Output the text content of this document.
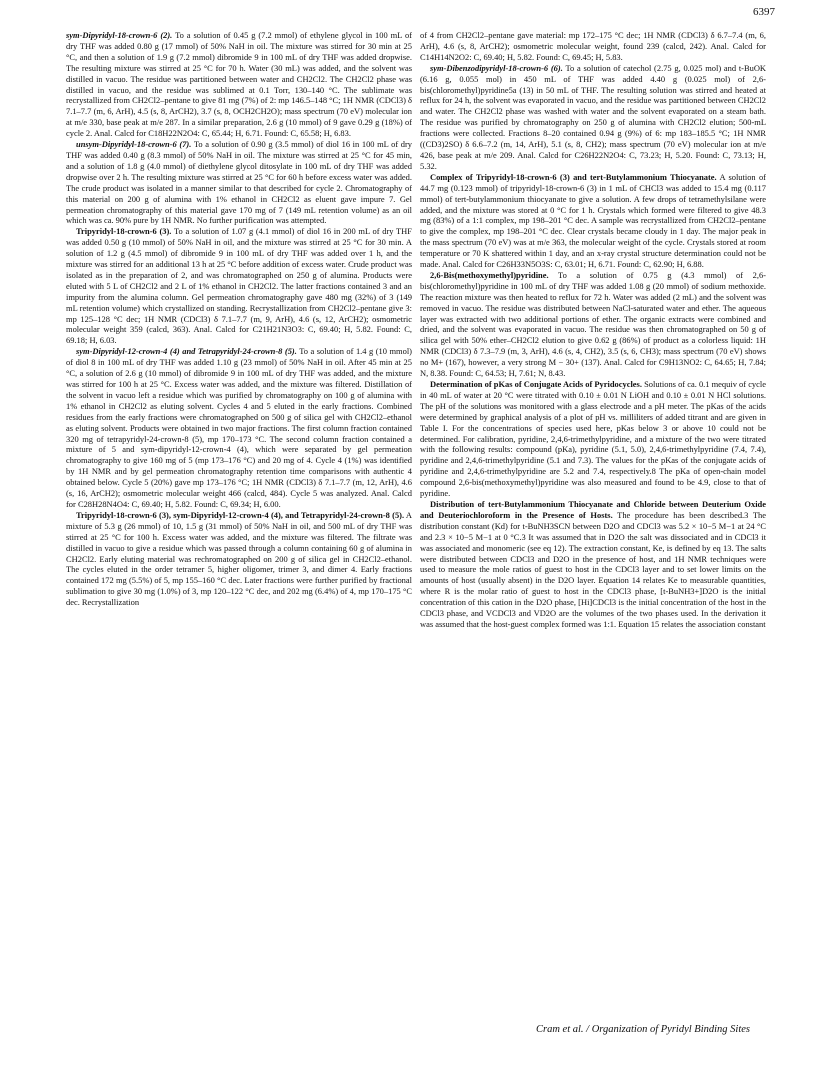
6397

sym-Dipyridyl-18-crown-6 (2). To a solution of 0.45 g (7.2 mmol) of ethylene glycol in 100 mL of dry THF was added 0.80 g (17 mmol) of 50% NaH in oil. The mixture was stirred for 30 min at 25 °C, and then a solution of 1.9 g (7.2 mmol) dibromide 9 in 100 mL of dry THF was added dropwise. The resulting mixture was stirred at 25 °C for 70 h. Water (30 mL) was added, and the solvent was distilled in vacuo. The residue was partitioned between water and CH2Cl2. The CH2Cl2 phase was distilled in vacuo, and the residue was sublimed at 0.1 Torr, 130–140 °C. The sublimate was recrystallized from CH2Cl2–pentane to give 81 mg (7%) of 2: mp 146.5–148 °C; 1H NMR (CDCl3) δ 7.1–7.7 (m, 6, ArH), 4.5 (s, 8, ArCH2), 3.7 (s, 8, OCH2CH2O); mass spectrum (70 eV) molecular ion at m/e 330, base peak at m/e 287. In a similar preparation, 2.6 g (10 mmol) of 9 gave 0.29 g (18%) of cycle 2. Anal. Calcd for C18H22N2O4: C, 65.44; H, 6.71. Found: C, 65.58; H, 6.83.

unsym-Dipyridyl-18-crown-6 (7). To a solution of 0.90 g (3.5 mmol) of diol 16 in 100 mL of dry THF was added 0.40 g (8.3 mmol) of 50% NaH in oil. The mixture was stirred at 25 °C for 45 min, and a solution of 1.8 g (4.0 mmol) of diethylene glycol ditosylate in 100 mL of dry THF was added dropwise over 2 h. The resulting mixture was stirred at 25 °C for 60 h before excess water was added. The crude product was isolated in a manner similar to that described for cycle 2. Chromatography of this material on 200 g of alumina with 1% ethanol in CH2Cl2 as eluent gave impure 7. Gel permeation chromatography of this material gave 170 mg of 7 (149 mL retention volume) as an oil which was ca. 90% pure by 1H NMR. No further purification was attempted.

Tripyridyl-18-crown-6 (3). To a solution of 1.07 g (4.1 mmol) of diol 16 in 200 mL of dry THF was added 0.50 g (10 mmol) of 50% NaH in oil, and the mixture was stirred at 25 °C for 30 min. A solution of 1.2 g (4.5 mmol) of dibromide 9 in 100 mL of dry THF was added over 1 h, and the mixture was stirred for an additional 13 h at 25 °C before addition of excess water. Crude product was isolated as in the preparation of 2, and was chromatographed on 250 g of alumina. Products were eluted with 5 L of CH2Cl2 and 2 L of 1% ethanol in CH2Cl2. The latter fractions contained 3 and an impurity from the alumina column. Gel permeation chromatography gave 480 mg (32%) of 3 (149 mL retention volume) which crystallized on standing. Recrystallization from CH2Cl2–pentane give 3: mp 125–128 °C dec; 1H NMR (CDCl3) δ 7.1–7.7 (m, 9, ArH), 4.6 (s, 12, ArCH2); osmometric molecular weight 359 (calcd, 363). Anal. Calcd for C21H21N3O3: C, 69.40; H, 5.82. Found: C, 69.18; H, 6.03.

sym-Dipyridyl-12-crown-4 (4) and Tetrapyridyl-24-crown-8 (5). To a solution of 1.4 g (10 mmol) of diol 8 in 100 mL of dry THF was added 1.10 g (23 mmol) of 50% NaH in oil. After 45 min at 25 °C, a solution of 2.6 g (10 mmol) of dibromide 9 in 100 mL of dry THF was added, and the mixture was stirred for 100 h at 25 °C. Excess water was added, and the mixture was filtered. Distillation of the solvent in vacuo left a residue which was purified by chromatography on 100 g of alumina with 1% ethanol in CH2Cl2 as eluting solvent. Cycles 4 and 5 eluted in the early fractions. Combined residues from the early fractions were chromatographed on 500 g of silica gel with CH2Cl2–ethanol as eluting solvent. Products were obtained in two major fractions. The first column fraction contained 320 mg of tetrapyridyl-24-crown-8 (5), mp 170–173 °C. The second column fraction contained a mixture of 5 and sym-dipyridyl-12-crown-4 (4), which were separated by gel permeation chromatography to give 160 mg of 5 (mp 173–176 °C) and 20 mg of 4. Cycle 4 (1%) was identified by 1H NMR and by gel permeation chromatography retention time comparisons with authentic 4 obtained below. Cycle 5 (20%) gave mp 173–176 °C; 1H NMR (CDCl3) δ 7.1–7.7 (m, 12, ArH), 4.6 (s, 16, ArCH2); osmometric molecular weight 466 (calcd, 484). Cycle 5 was analyzed. Anal. Calcd for C28H28N4O4: C, 69.40; H, 5.82. Found: C, 69.34; H, 6.00.

Tripyridyl-18-crown-6 (3), sym-Dipyridyl-12-crown-4 (4), and Tetrapyridyl-24-crown-8 (5). A mixture of 5.3 g (26 mmol) of 10, 1.5 g (31 mmol) of 50% NaH in oil, and 500 mL of dry THF was stirred at 25 °C for 100 h. Excess water was added, and the mixture was filtered. The filtrate was distilled in vacuo to give a residue which was passed through a column containing 60 g of alumina in CH2Cl2. Early eluting material was rechromatographed on 200 g of silica gel in CH2Cl2–ethanol. The cycles eluted in the order tetramer 5, higher oligomer, trimer 3, and dimer 4. Early fractions contained 172 mg (5.5%) of 5, mp 155–160 °C dec. Later fractions were further purified by fractional sublimation to give 30 mg (1.0%) of 3, mp 120–122 °C dec, and 202 mg (6.4%) of 4, mp 170–175 °C dec. Recrystallization

of 4 from CH2Cl2–pentane gave material: mp 172–175 °C dec; 1H NMR (CDCl3) δ 6.7–7.4 (m, 6, ArH), 4.6 (s, 8, ArCH2); osmometric molecular weight, found 239 (calcd, 242). Anal. Calcd for C14H14N2O2: C, 69.40; H, 5.82. Found: C, 69.45; H, 5.83.

sym-Dibenzodipyridyl-18-crown-6 (6). To a solution of catechol (2.75 g, 0.025 mol) and t-BuOK (6.16 g, 0.055 mol) in 450 mL of THF was added 4.40 g (0.025 mol) of 2,6-bis(chloromethyl)pyridine5a (13) in 50 mL of THF. The resulting solution was stirred and heated at reflux for 24 h, the solvent was evaporated in vacuo, and the residue was partitioned between CH2Cl2 and water. The CH2Cl2 phase was washed with water and the solvent evaporated on a steam bath. The residue was purified by chromatography on 250 g of alumina with CH2Cl2 elution; 500-mL fractions were collected. Fractions 8–20 contained 0.94 g (9%) of 6: mp 183–185.5 °C; 1H NMR ((CD3)2SO) δ 6.6–7.2 (m, 14, ArH), 5.1 (s, 8, CH2); mass spectrum (70 eV) molecular ion at m/e 426, base peak at m/e 209. Anal. Calcd for C26H22N2O4: C, 73.23; H, 5.20. Found: C, 73.13; H, 5.32.

Complex of Tripyridyl-18-crown-6 (3) and tert-Butylammonium Thiocyanate. A solution of 44.7 mg (0.123 mmol) of tripyridyl-18-crown-6 (3) in 1 mL of CHCl3 was added to 15.4 mg (0.117 mmol) of tert-butylammonium thiocyanate to give a solution. A few drops of tetramethylsilane were added, and the mixture was stored at 0 °C for 1 h. Crystals which formed were filtered to give 48.3 mg (83%) of a 1:1 complex, mp 198–201 °C dec. A sample was recrystallized from CH2Cl2–pentane to give the complex, mp 198–201 °C dec. Clear crystals became cloudy in 1 day. The major peak in the mass spectrum (70 eV) was at m/e 363, the molecular weight of the cycle. Crystals stored at room temperature or 70 K shattered within 1 day, and an x-ray crystal structure determination could not be made. Anal. Calcd for C26H33N5O3S: C, 63.01; H, 6.71. Found: C, 62.90; H, 6.88.

2,6-Bis(methoxymethyl)pyridine. To a solution of 0.75 g (4.3 mmol) of 2,6-bis(chloromethyl)pyridine in 100 mL of dry THF was added 1.08 g (20 mmol) of sodium methoxide. The reaction mixture was then heated to reflux for 72 h. Water was added (2 mL) and the solvent was removed in vacuo. The residue was distributed between NaCl-saturated water and ether. The aqueous layer was extracted with two additional portions of ether. The organic extracts were combined and dried, and the solvent was evaporated in vacuo. The residue was then chromatographed on 50 g of silica gel with 50% ether–CH2Cl2 elution to give 0.62 g (86%) of product as a colorless liquid: 1H NMR (CDCl3) δ 7.3–7.9 (m, 3, ArH), 4.6 (s, 4, CH2), 3.5 (s, 6, CH3); mass spectrum (70 eV) shows no M+ (167), however, a very strong M − 30+ (137). Anal. Calcd for C9H13NO2: C, 64.65; H, 7.84; N, 8.38. Found: C, 64.53; H, 7.61; N, 8.43.

Determination of pKas of Conjugate Acids of Pyridocycles. Solutions of ca. 0.1 mequiv of cycle in 40 mL of water at 20 °C were titrated with 0.10 ± 0.01 N LiOH and 0.10 ± 0.01 N HCl solutions. The pH of the solutions was monitored with a glass electrode and a pH meter. The pKas of the acids were determined by graphical analysis of a plot of pH vs. milliliters of added titrant and are given in Table I. For the concentrations of species used here, pKas below 3 or above 10 could not be determined. For calibration, pyridine, 2,4,6-trimethylpyridine, and a mixture of the two were titrated with the following results: compound (pKa), pyridine (5.1, 5.0), 2,4,6-trimethylpyridine (7.4, 7.4), pyridine and 2,4,6-trimethylpyridine (5.1 and 7.3). The values for the pKas of the conjugate acids of pyridine and 2,4,6-trimethylpyridine are 5.2 and 7.4, respectively.8 The pKa of open-chain model compound 2,6-bis(methoxymethyl)pyridine was also measured and found to be 4.9, close to that of pyridine.

Distribution of tert-Butylammonium Thiocyanate and Chloride between Deuterium Oxide and Deuteriochloroform in the Presence of Hosts. The procedure has been described.3 The distribution constant (Kd) for t-BuNH3SCN between D2O and CDCl3 was 5.2 × 10−5 M−1 at 24 °C and 2.3 × 10−5 M−1 at 0 °C.3 It was assumed that in D2O the salt was dissociated and in CDCl3 it was associated and monomeric (see eq 12). The extraction constant, Ke, is defined by eq 13. The salts were distributed between CDCl3 and D2O in the presence of host, and 1H NMR techniques were used to measure the mole ratios of guest to host in the CDCl3 layer and to set lower limits on the amounts of host (usually absent) in the D2O layer. Equation 14 relates Ke to measurable quantities, where R is the molar ratio of guest to host in the CDCl3 phase, [t-BuNH3+]D2O is the initial concentration of this cation in the D2O phase, [Hi]CDCl3 is the initial concentration of the host in the CDCl3 phase, and VCDCl3 and VD2O are the volumes of the two phases used. In the derivation it was assumed that the host-guest complex formed was 1:1. Equation 15 relates the association constant

Cram et al. / Organization of Pyridyl Binding Sites
